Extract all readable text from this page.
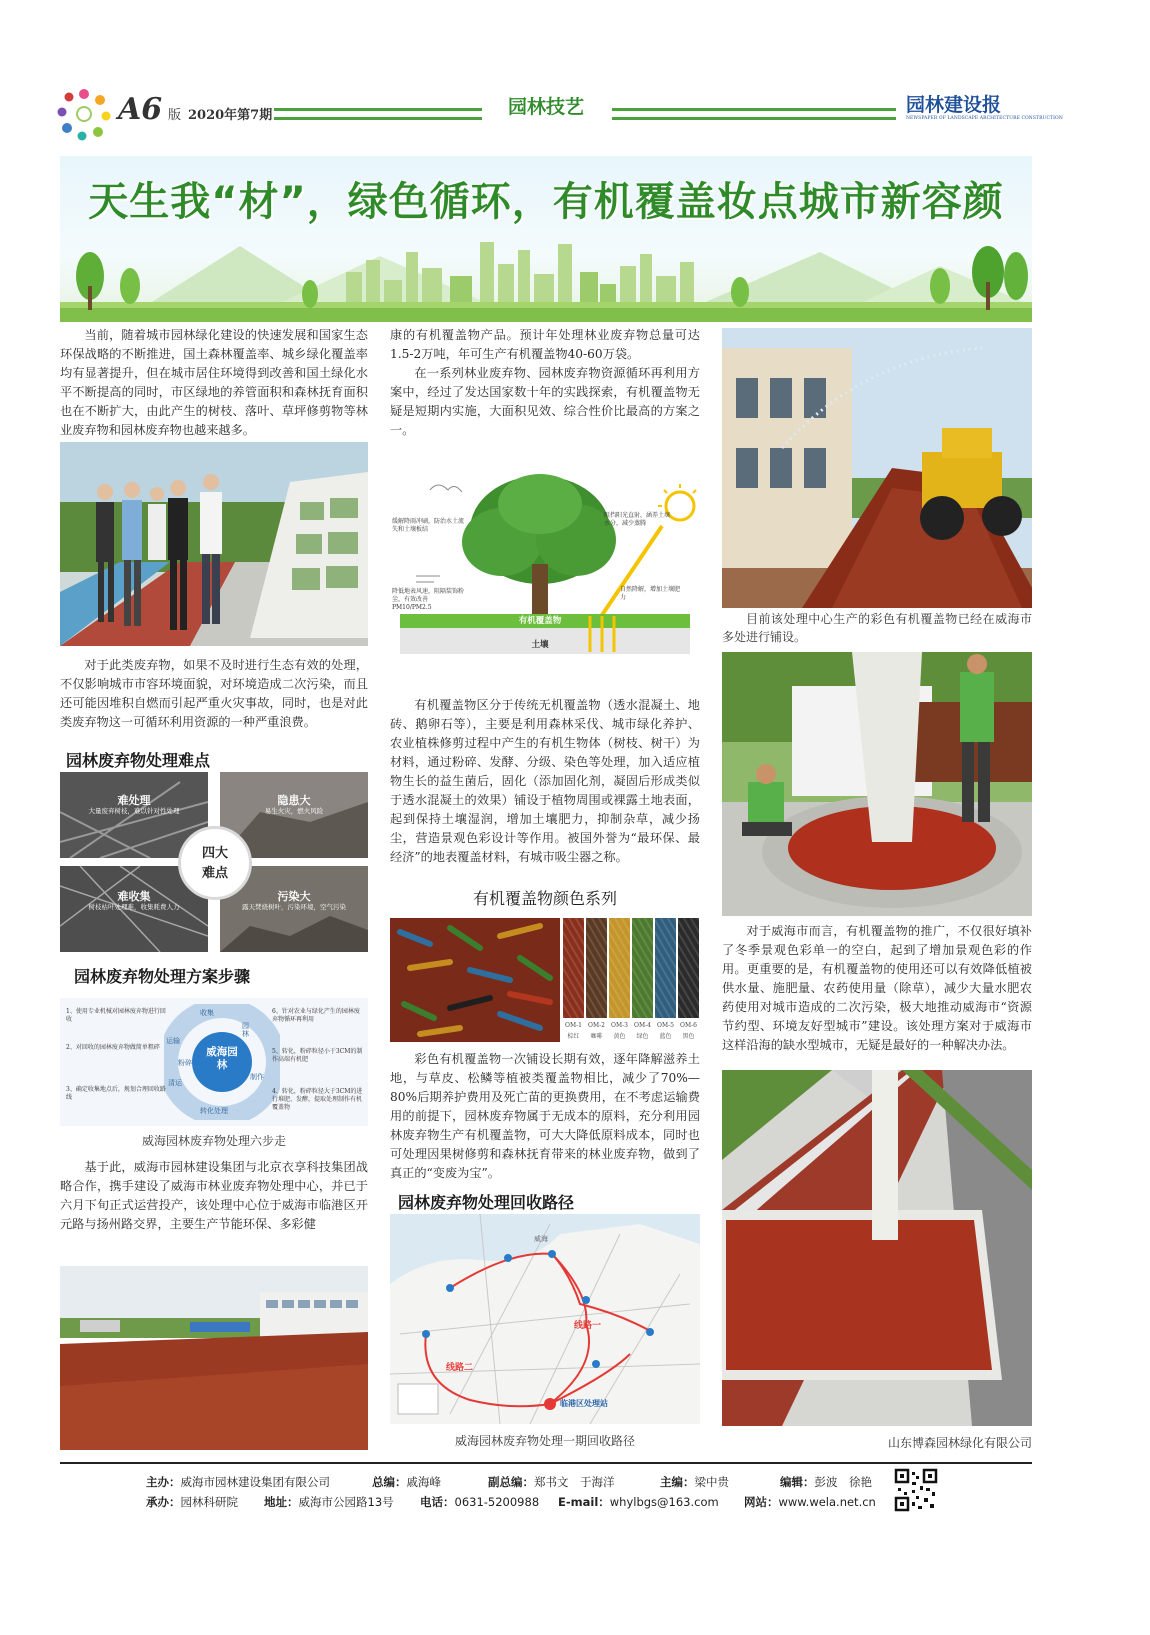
A6 版 2020年第7期	园林技艺	园林建设报
NEWSPAPER OF LANDSCAPE ARCHITECTURE CONSTRUCTION
天生我“材”，绿色循环，有机覆盖妆点城市新容颜

当前，随着城市园林绿化建设的快速发展和国家生态环保战略的不断推进，国土森林覆盖率、城乡绿化覆盖率均有显著提升，但在城市居住环境得到改善和国土绿化水平不断提高的同时，市区绿地的养管面积和森林抚育面积也在不断扩大，由此产生的树枝、落叶、草坪修剪物等林业废弃物和园林废弃物也越来越多。

对于此类废弃物，如果不及时进行生态有效的处理，不仅影响城市市容环境面貌，对环境造成二次污染，而且还可能因堆积自燃而引起严重火灾事故，同时，也是对此类废弃物这一可循环利用资源的一种严重浪费。

园林废弃物处理难点
难处理
大量废弃树枝，难以针对性处理
隐患大
易生火灾，燃火风险
难收集
树枝枯叶处理难，收集耗费人力
污染大
露天焚烧树叶，污染环境，空气污染
四大
难点
园林废弃物处理方案步骤
威海园林
收集
园林
制作
转化处理
清运
运输
粉碎
1、使用专业机械对园林废弃物进行回收
2、对回收的园林废弃物做简单粗碎
3、确定收集地点后，规划合理回收路线
6、针对农业与绿化产生的园林废弃物循环再利用
5、转化，粉碎粒径小于3CM的制作高端有机肥
4、转化，粉碎粒径大于3CM的进行堆肥、发酵，提取处理制作有机覆盖物
威海园林废弃物处理六步走

基于此，威海市园林建设集团与北京衣享科技集团战略合作，携手建设了威海市林业废弃物处理中心，并已于六月下旬正式运营投产，该处理中心位于威海市临港区开元路与扬州路交界，主要生产节能环保、多彩健

康的有机覆盖物产品。预计年处理林业废弃物总量可达1.5-2万吨，年可生产有机覆盖物40-60万袋。

在一系列林业废弃物、园林废弃物资源循环再利用方案中，经过了发达国家数十年的实践探索，有机覆盖物无疑是短期内实施，大面积见效、综合性价比最高的方案之一。

缓解降雨冲刷，防治水土流失和土壤板结
阻挡阳光直射，涵养土壤水分，减少蒸腾
降低地表风速，阻隔装饰粉尘，有效改善PM10/PM2.5
自然降解，增加土壤肥力
有机覆盖物
土壤

有机覆盖物区分于传统无机覆盖物（透水混凝土、地砖、鹅卵石等），主要是利用森林采伐、城市绿化养护、农业植株修剪过程中产生的有机生物体（树枝、树干）为材料，通过粉碎、发酵、分级、染色等处理，加入适应植物生长的益生菌后，固化（添加固化剂，凝固后形成类似于透水混凝土的效果）铺设于植物周围或裸露土地表面，起到保持土壤湿润，增加土壤肥力，抑制杂草，减少扬尘，营造景观色彩设计等作用。被国外誉为“最环保、最经济”的地表覆盖材料，有城市吸尘器之称。

有机覆盖物颜色系列
OM-1
棕红
OM-2
咖啡
OM-3
黄色
OM-4
绿色
OM-5
蓝色
OM-6
黑色

彩色有机覆盖物一次铺设长期有效，逐年降解滋养土地，与草皮、松鳞等植被类覆盖物相比，减少了70%—80%后期养护费用及死亡苗的更换费用，在不考虑运输费用的前提下，园林废弃物属于无成本的原料，充分利用园林废弃物生产有机覆盖物，可大大降低原料成本，同时也可处理因果树修剪和森林抚育带来的林业废弃物，做到了真正的“变废为宝”。

园林废弃物处理回收路径
线路一
线路二
临港区处理站
威海
威海园林废弃物处理一期回收路径
目前该处理中心生产的彩色有机覆盖物已经在威海市多处进行铺设。

对于威海市而言，有机覆盖物的推广，不仅很好填补了冬季景观色彩单一的空白，起到了增加景观色彩的作用。更重要的是，有机覆盖物的使用还可以有效降低植被供水量、施肥量、农药使用量（除草），减少大量水肥农药使用对城市造成的二次污染，极大地推动威海市“资源节约型、环境友好型城市”建设。该处理方案对于威海市这样沿海的缺水型城市，无疑是最好的一种解决办法。

山东博森园林绿化有限公司
主办：威海市园林建设集团有限公司	总编：戚海峰	副总编：郑书文　于海洋	主编：梁中贵	编辑：彭波　徐艳
承办：园林科研院 地址：威海市公园路13号 电话：0631-5200988 E-mail：whylbgs@163.com 网站：www.wela.net.cn
